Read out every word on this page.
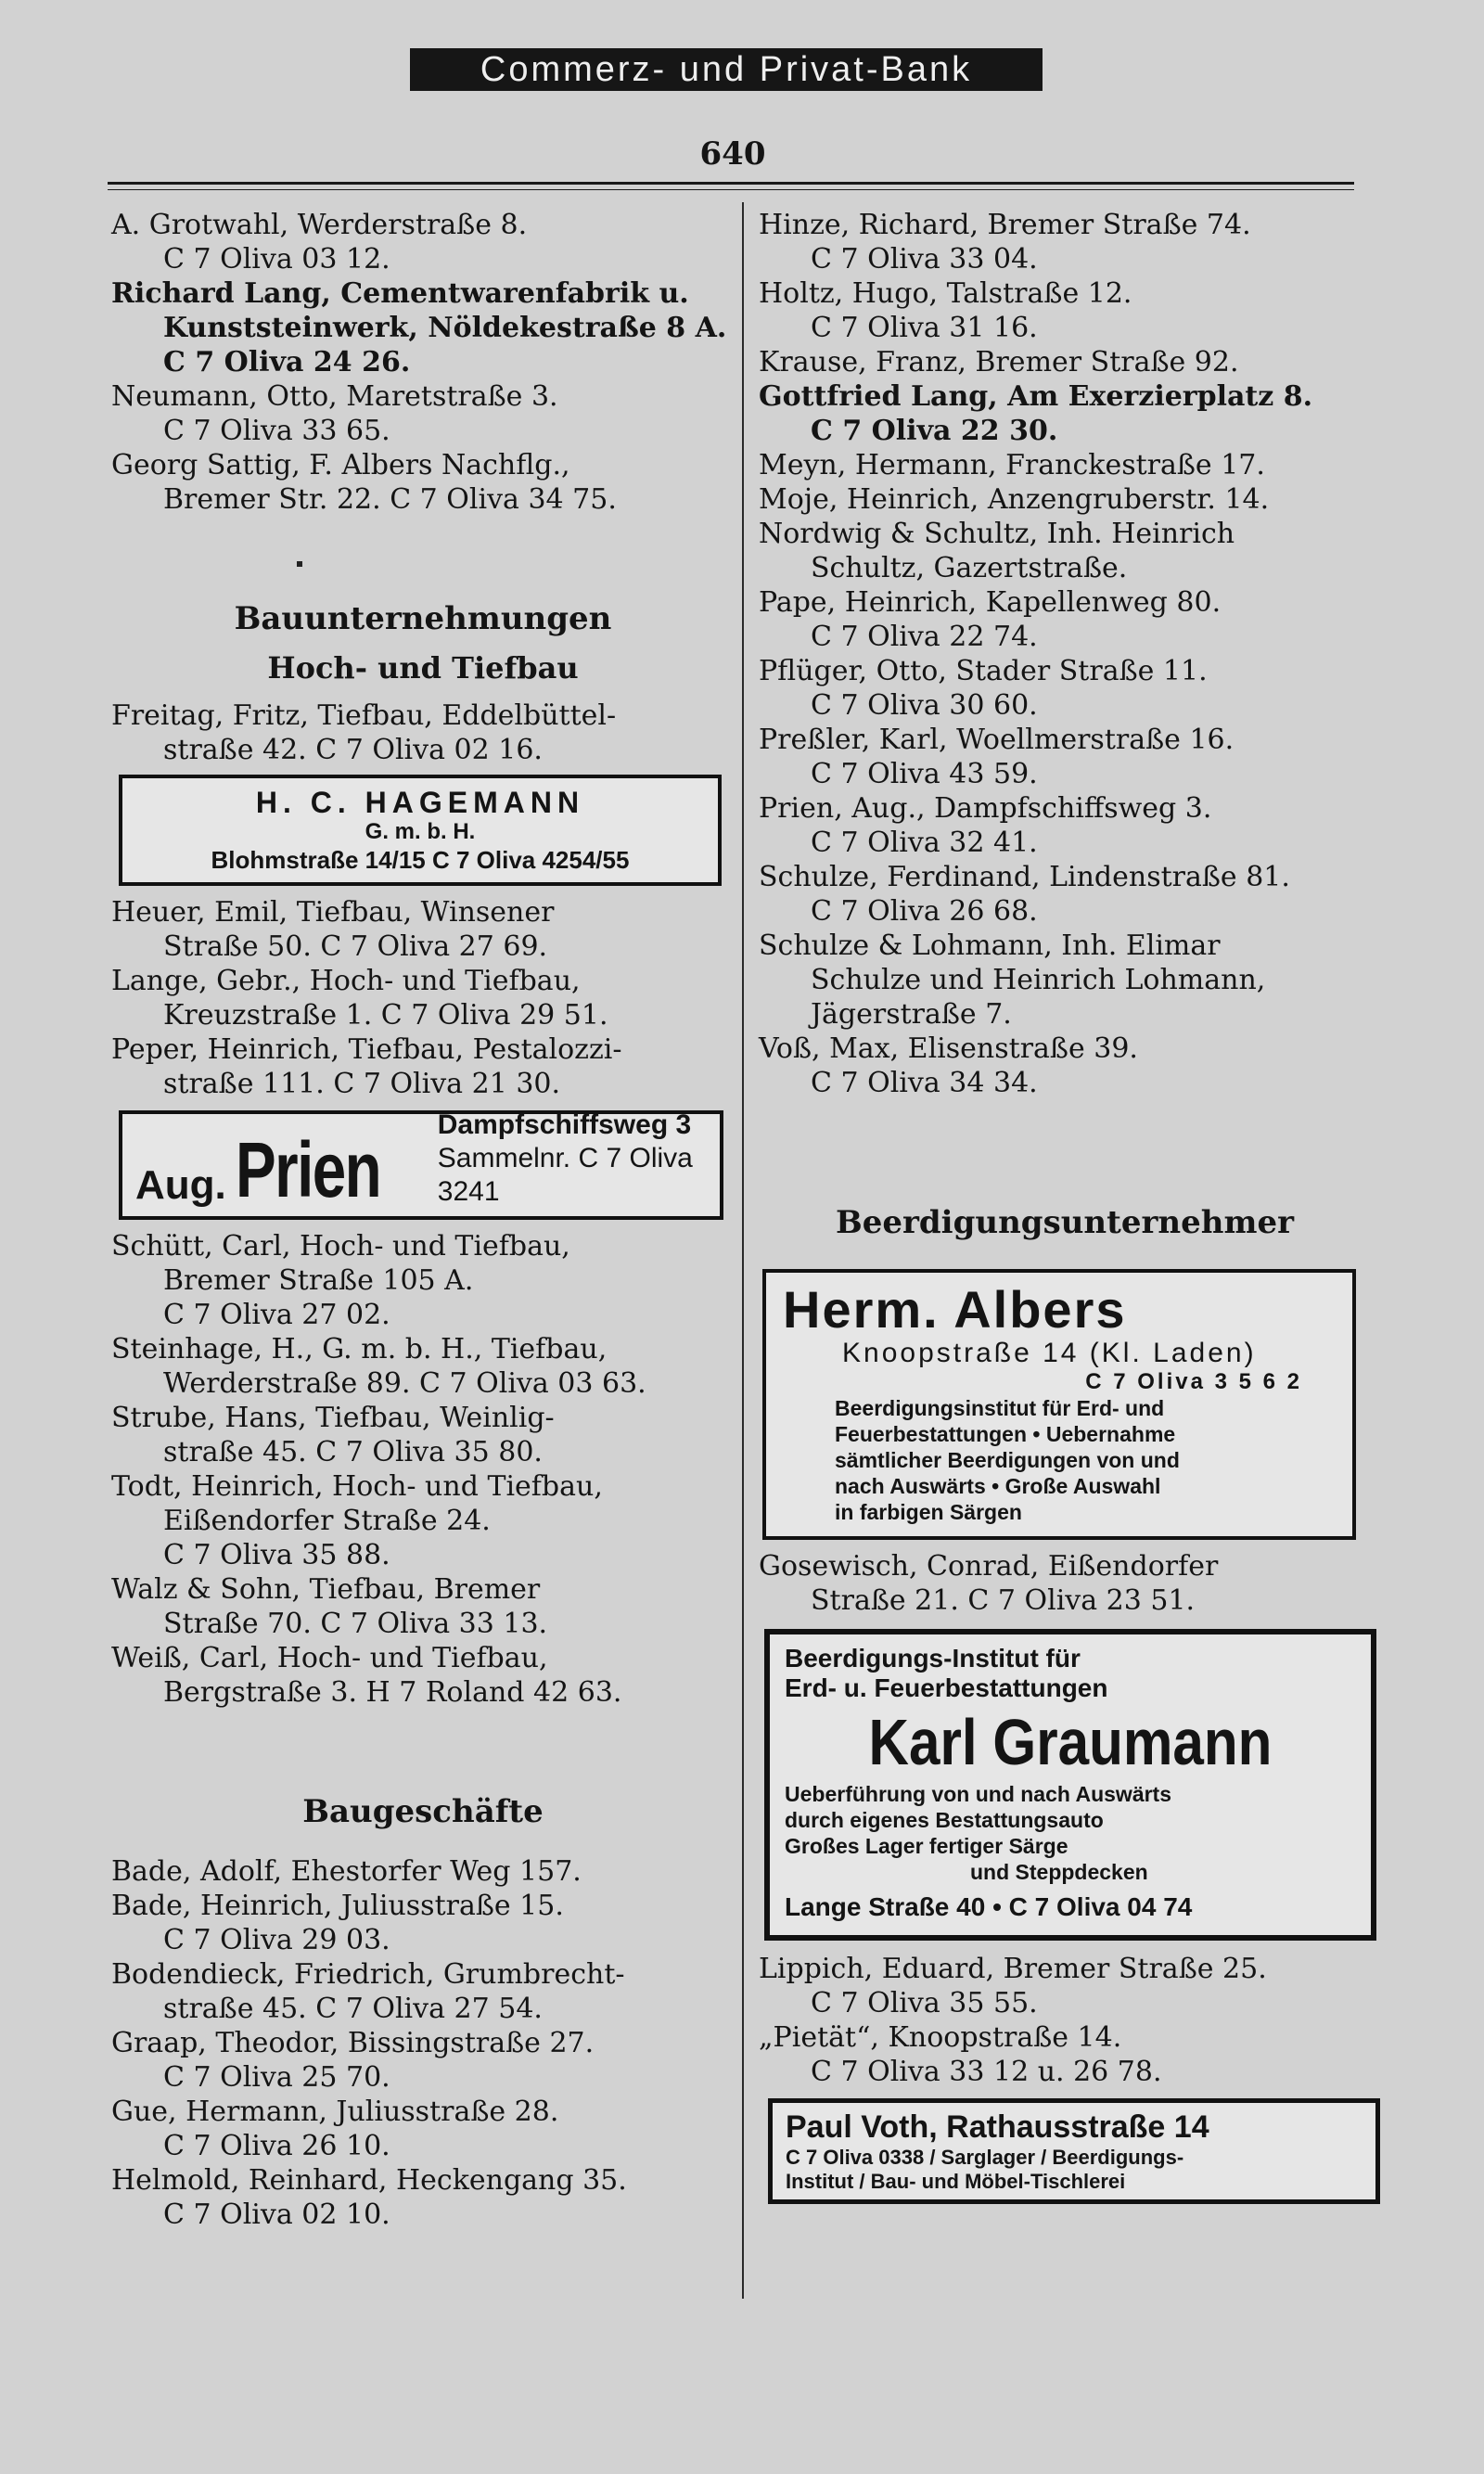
Commerz- und Privat-Bank
640

A. Grotwahl, Werderstraße 8.
C 7 Oliva 03 12.

Richard Lang, Cementwarenfabrik u.
Kunststeinwerk, Nöldekestraße 8 A.
C 7 Oliva 24 26.

Neumann, Otto, Maretstraße 3.
C 7 Oliva 33 65.

Georg Sattig, F. Albers Nachflg.,
Bremer Str. 22. C 7 Oliva 34 75.

Bauunternehmungen

Hoch- und Tiefbau

Freitag, Fritz, Tiefbau, Eddelbüttel-
straße 42. C 7 Oliva 02 16.

H. C. HAGEMANN
G. m. b. H.
Blohmstraße 14/15 C 7 Oliva 4254/55

Heuer, Emil, Tiefbau, Winsener
Straße 50. C 7 Oliva 27 69.

Lange, Gebr., Hoch- und Tiefbau,
Kreuzstraße 1. C 7 Oliva 29 51.

Peper, Heinrich, Tiefbau, Pestalozzi-
straße 111. C 7 Oliva 21 30.

Aug. Prien
Dampfschiffsweg 3
Sammelnr. C 7 Oliva 3241

Schütt, Carl, Hoch- und Tiefbau,
Bremer Straße 105 A.
C 7 Oliva 27 02.

Steinhage, H., G. m. b. H., Tiefbau,
Werderstraße 89. C 7 Oliva 03 63.

Strube, Hans, Tiefbau, Weinlig-
straße 45. C 7 Oliva 35 80.

Todt, Heinrich, Hoch- und Tiefbau,
Eißendorfer Straße 24.
C 7 Oliva 35 88.

Walz & Sohn, Tiefbau, Bremer
Straße 70. C 7 Oliva 33 13.

Weiß, Carl, Hoch- und Tiefbau,
Bergstraße 3. H 7 Roland 42 63.

Baugeschäfte

Bade, Adolf, Ehestorfer Weg 157.

Bade, Heinrich, Juliusstraße 15.
C 7 Oliva 29 03.

Bodendieck, Friedrich, Grumbrecht-
straße 45. C 7 Oliva 27 54.

Graap, Theodor, Bissingstraße 27.
C 7 Oliva 25 70.

Gue, Hermann, Juliusstraße 28.
C 7 Oliva 26 10.

Helmold, Reinhard, Heckengang 35.
C 7 Oliva 02 10.

Hinze, Richard, Bremer Straße 74.
C 7 Oliva 33 04.

Holtz, Hugo, Talstraße 12.
C 7 Oliva 31 16.

Krause, Franz, Bremer Straße 92.

Gottfried Lang, Am Exerzierplatz 8.
C 7 Oliva 22 30.

Meyn, Hermann, Franckestraße 17.

Moje, Heinrich, Anzengruberstr. 14.

Nordwig & Schultz, Inh. Heinrich
Schultz, Gazertstraße.

Pape, Heinrich, Kapellenweg 80.
C 7 Oliva 22 74.

Pflüger, Otto, Stader Straße 11.
C 7 Oliva 30 60.

Preßler, Karl, Woellmerstraße 16.
C 7 Oliva 43 59.

Prien, Aug., Dampfschiffsweg 3.
C 7 Oliva 32 41.

Schulze, Ferdinand, Lindenstraße 81.
C 7 Oliva 26 68.

Schulze & Lohmann, Inh. Elimar
Schulze und Heinrich Lohmann,
Jägerstraße 7.

Voß, Max, Elisenstraße 39.
C 7 Oliva 34 34.

Beerdigungsunternehmer

Herm. Albers
Knoopstraße 14 (Kl. Laden)
C 7 Oliva 3 5 6 2
Beerdigungsinstitut für Erd- und
Feuerbestattungen • Uebernahme
sämtlicher Beerdigungen von und
nach Auswärts • Große Auswahl
in farbigen Särgen

Gosewisch, Conrad, Eißendorfer
Straße 21. C 7 Oliva 23 51.

Beerdigungs-Institut für
Erd- u. Feuerbestattungen
Karl Graumann
Ueberführung von und nach Auswärts
durch eigenes Bestattungsauto
Großes Lager fertiger Särge
und Steppdecken
Lange Straße 40 • C 7 Oliva 04 74

Lippich, Eduard, Bremer Straße 25.
C 7 Oliva 35 55.

„Pietät“, Knoopstraße 14.
C 7 Oliva 33 12 u. 26 78.

Paul Voth, Rathausstraße 14
C 7 Oliva 0338 / Sarglager / Beerdigungs-
Institut / Bau- und Möbel-Tischlerei
